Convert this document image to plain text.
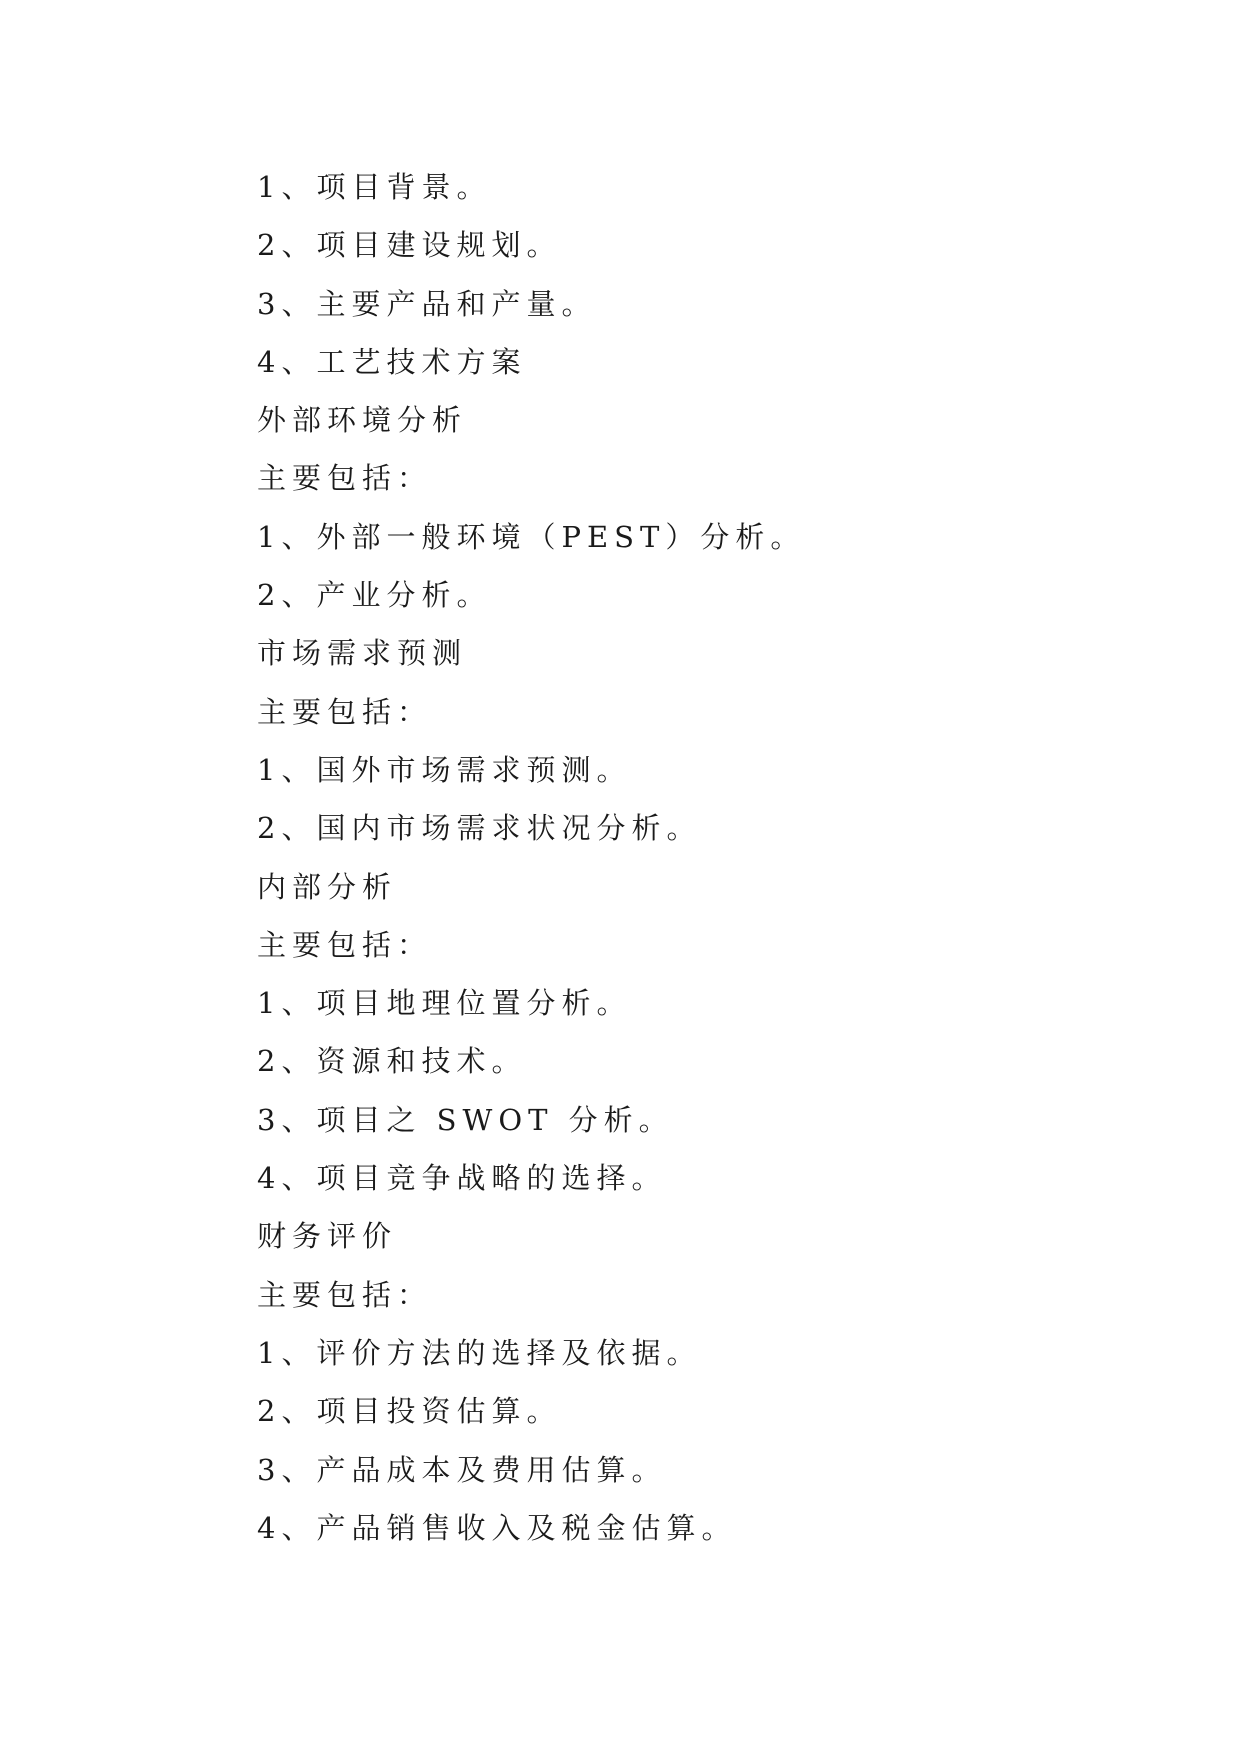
1、项目背景。
2、项目建设规划。
3、主要产品和产量。
4、工艺技术方案
外部环境分析
主要包括：
1、外部一般环境（PEST）分析。
2、产业分析。
市场需求预测
主要包括：
1、国外市场需求预测。
2、国内市场需求状况分析。
内部分析
主要包括：
1、项目地理位置分析。
2、资源和技术。
3、项目之 SWOT 分析。
4、项目竞争战略的选择。
财务评价
主要包括：
1、评价方法的选择及依据。
2、项目投资估算。
3、产品成本及费用估算。
4、产品销售收入及税金估算。
